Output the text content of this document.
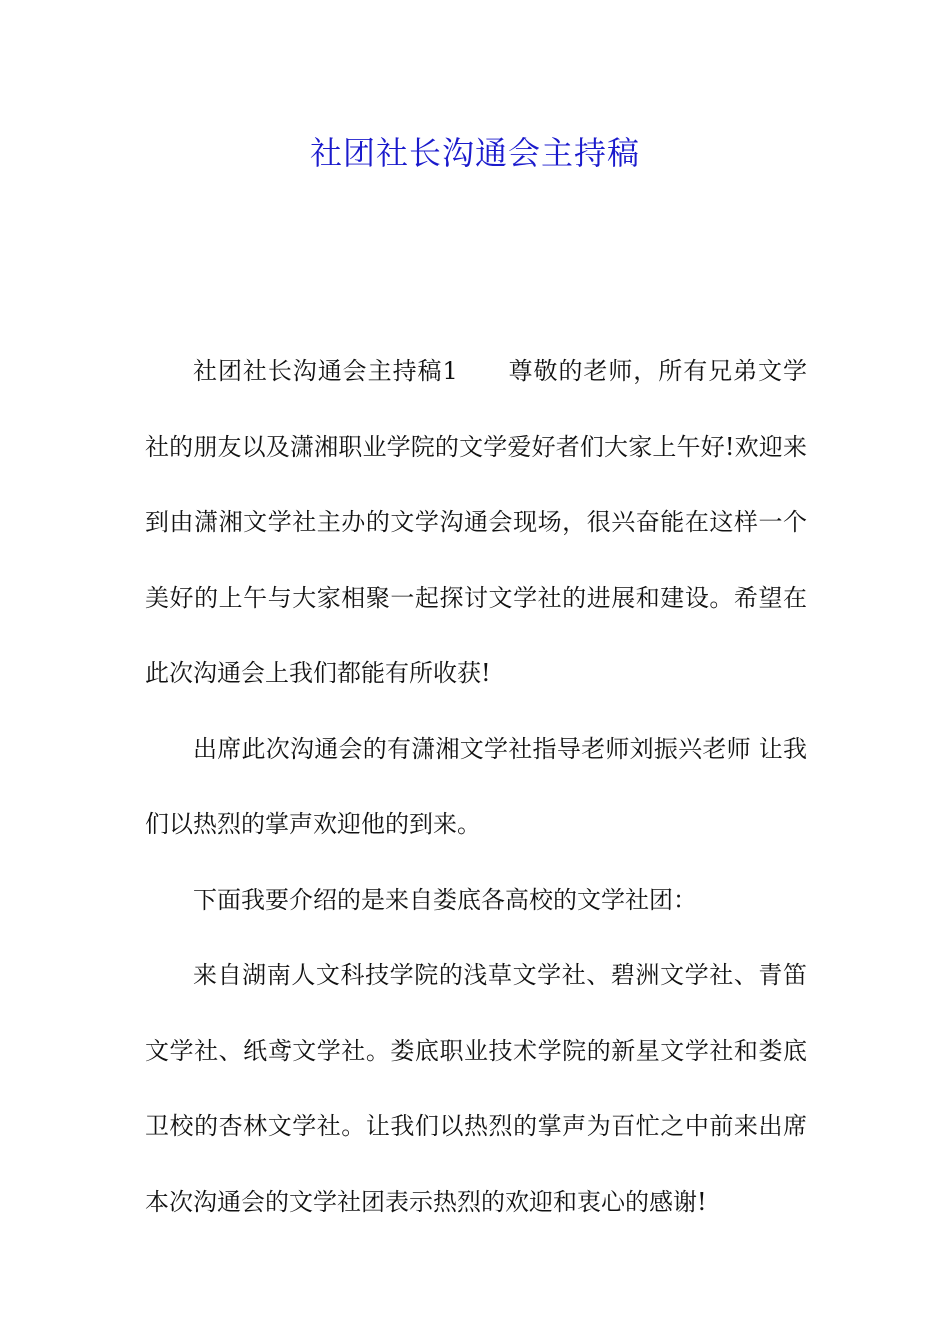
社团社长沟通会主持稿

社团社长沟通会主持稿1　　尊敬的老师，所有兄弟文学社的朋友以及潇湘职业学院的文学爱好者们大家上午好!欢迎来到由潇湘文学社主办的文学沟通会现场，很兴奋能在这样一个美好的上午与大家相聚一起探讨文学社的进展和建设。希望在此次沟通会上我们都能有所收获!

出席此次沟通会的有潇湘文学社指导老师刘振兴老师 让我们以热烈的掌声欢迎他的到来。

下面我要介绍的是来自娄底各高校的文学社团：

来自湖南人文科技学院的浅草文学社、碧洲文学社、青笛文学社、纸鸢文学社。娄底职业技术学院的新星文学社和娄底卫校的杏林文学社。让我们以热烈的掌声为百忙之中前来出席本次沟通会的文学社团表示热烈的欢迎和衷心的感谢!
